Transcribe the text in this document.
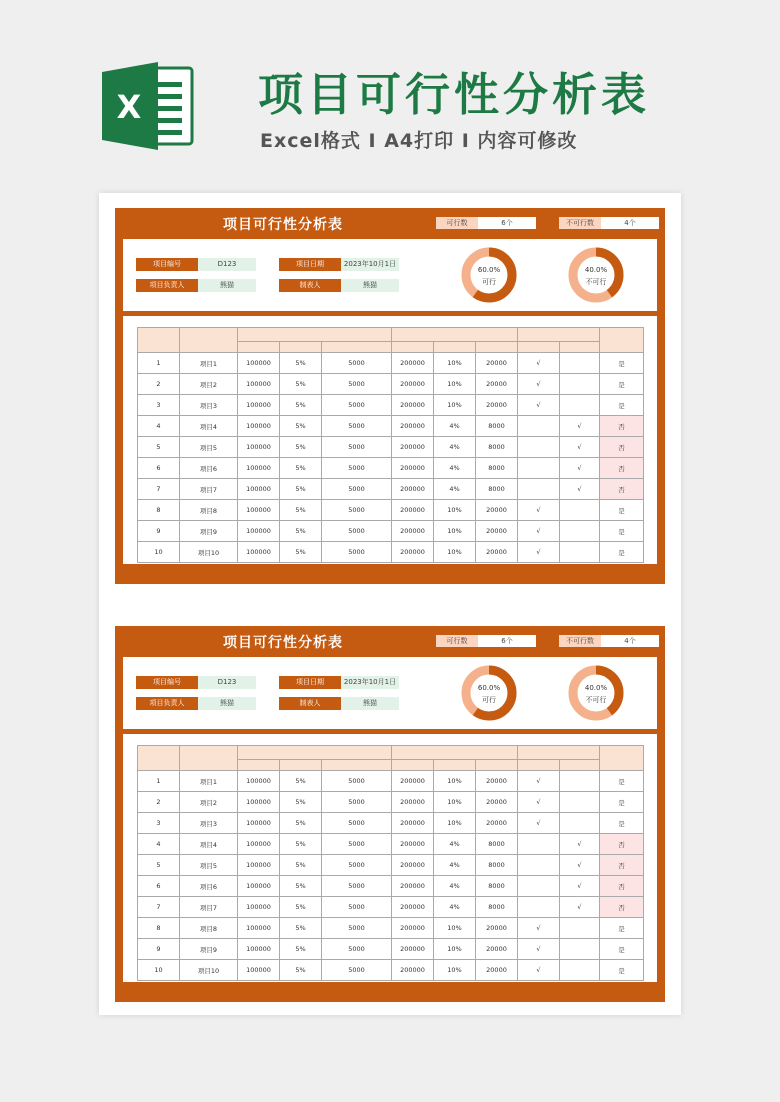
X	项目可行性分析表
Excel格式 I A4打印 I 内容可修改
项目可行性分析表	可行数	6个	不可行数	4个
项目编号	D123
项目负责人	熊猫
项目日期	2023年10月1日
制表人	熊猫
60.0%
可行
40.0%
不可行

1	项目1	100000	5%	5000	200000	10%	20000	√		是
2	项目2	100000	5%	5000	200000	10%	20000	√		是
3	项目3	100000	5%	5000	200000	10%	20000	√		是
4	项目4	100000	5%	5000	200000	4%	8000		√	否
5	项目5	100000	5%	5000	200000	4%	8000		√	否
6	项目6	100000	5%	5000	200000	4%	8000		√	否
7	项目7	100000	5%	5000	200000	4%	8000		√	否
8	项目8	100000	5%	5000	200000	10%	20000	√		是
9	项目9	100000	5%	5000	200000	10%	20000	√		是
10	项目10	100000	5%	5000	200000	10%	20000	√		是
项目可行性分析表	可行数	6个	不可行数	4个
项目编号	D123
项目负责人	熊猫
项目日期	2023年10月1日
制表人	熊猫
60.0%
可行
40.0%
不可行

1	项目1	100000	5%	5000	200000	10%	20000	√		是
2	项目2	100000	5%	5000	200000	10%	20000	√		是
3	项目3	100000	5%	5000	200000	10%	20000	√		是
4	项目4	100000	5%	5000	200000	4%	8000		√	否
5	项目5	100000	5%	5000	200000	4%	8000		√	否
6	项目6	100000	5%	5000	200000	4%	8000		√	否
7	项目7	100000	5%	5000	200000	4%	8000		√	否
8	项目8	100000	5%	5000	200000	10%	20000	√		是
9	项目9	100000	5%	5000	200000	10%	20000	√		是
10	项目10	100000	5%	5000	200000	10%	20000	√		是
